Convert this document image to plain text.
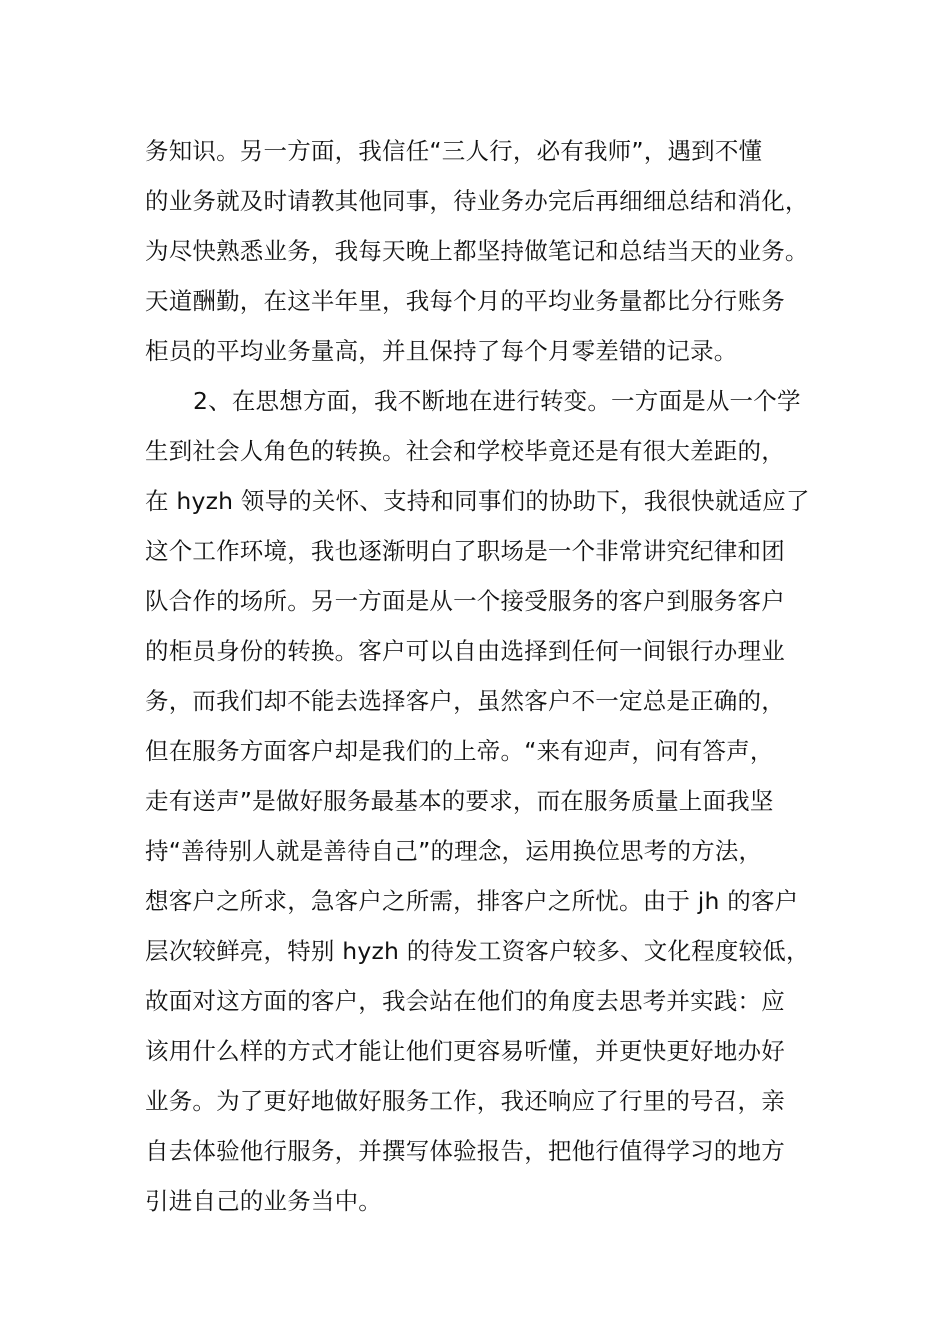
务知识。另一方面，我信任“三人行，必有我师”，遇到不懂
的业务就及时请教其他同事，待业务办完后再细细总结和消化，
为尽快熟悉业务，我每天晚上都坚持做笔记和总结当天的业务。
天道酬勤，在这半年里，我每个月的平均业务量都比分行账务
柜员的平均业务量高，并且保持了每个月零差错的记录。
2、在思想方面，我不断地在进行转变。一方面是从一个学
生到社会人角色的转换。社会和学校毕竟还是有很大差距的，
在 hyzh 领导的关怀、支持和同事们的协助下，我很快就适应了
这个工作环境，我也逐渐明白了职场是一个非常讲究纪律和团
队合作的场所。另一方面是从一个接受服务的客户到服务客户
的柜员身份的转换。客户可以自由选择到任何一间银行办理业
务，而我们却不能去选择客户，虽然客户不一定总是正确的，
但在服务方面客户却是我们的上帝。“来有迎声，问有答声，
走有送声”是做好服务最基本的要求，而在服务质量上面我坚
持“善待别人就是善待自己”的理念，运用换位思考的方法，
想客户之所求，急客户之所需，排客户之所忧。由于 jh 的客户
层次较鲜亮，特别 hyzh 的待发工资客户较多、文化程度较低，
故面对这方面的客户，我会站在他们的角度去思考并实践：应
该用什么样的方式才能让他们更容易听懂，并更快更好地办好
业务。为了更好地做好服务工作，我还响应了行里的号召，亲
自去体验他行服务，并撰写体验报告，把他行值得学习的地方
引进自己的业务当中。
